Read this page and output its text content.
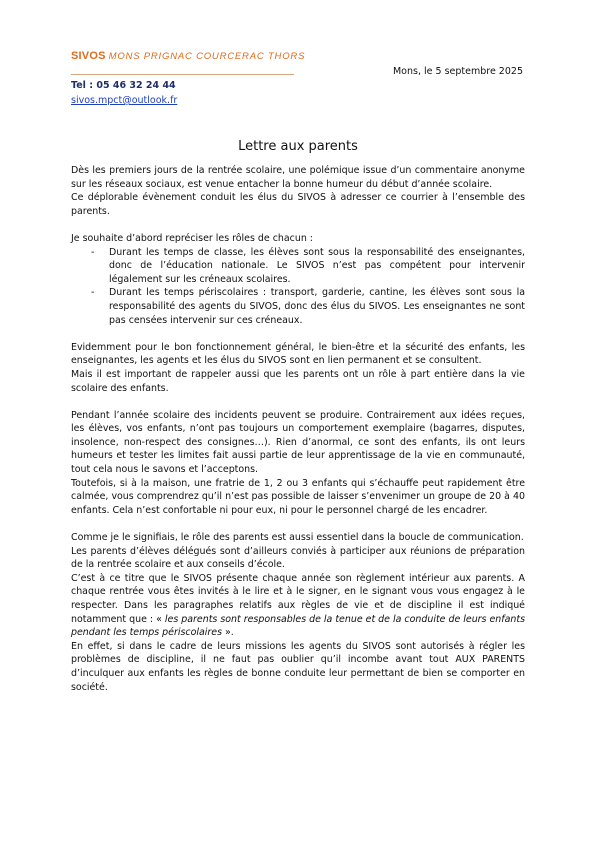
SIVOS MONS PRIGNAC COURCERAC THORS
Tel : 05 46 32 24 44
sivos.mpct@outlook.fr
Mons, le 5 septembre 2025
Lettre aux parents

Dès les premiers jours de la rentrée scolaire, une polémique issue d’un commentaire anonyme sur les réseaux sociaux, est venue entacher la bonne humeur du début d’année scolaire.

Ce déplorable évènement conduit les élus du SIVOS à adresser ce courrier à l’ensemble des parents.

Je souhaite d’abord repréciser les rôles de chacun :

- Durant les temps de classe, les élèves sont sous la responsabilité des enseignantes, donc de l’éducation nationale. Le SIVOS n’est pas compétent pour intervenir légalement sur les créneaux scolaires.
- Durant les temps périscolaires : transport, garderie, cantine, les élèves sont sous la responsabilité des agents du SIVOS, donc des élus du SIVOS. Les enseignantes ne sont pas censées intervenir sur ces créneaux.

Evidemment pour le bon fonctionnement général, le bien-être et la sécurité des enfants, les enseignantes, les agents et les élus du SIVOS sont en lien permanent et se consultent.

Mais il est important de rappeler aussi que les parents ont un rôle à part entière dans la vie scolaire des enfants.

Pendant l’année scolaire des incidents peuvent se produire. Contrairement aux idées reçues, les élèves, vos enfants, n’ont pas toujours un comportement exemplaire (bagarres, disputes, insolence, non-respect des consignes…). Rien d’anormal, ce sont des enfants, ils ont leurs humeurs et tester les limites fait aussi partie de leur apprentissage de la vie en communauté, tout cela nous le savons et l’acceptons.

Toutefois, si à la maison, une fratrie de 1, 2 ou 3 enfants qui s’échauffe peut rapidement être calmée, vous comprendrez qu’il n’est pas possible de laisser s’envenimer un groupe de 20 à 40 enfants. Cela n’est confortable ni pour eux, ni pour le personnel chargé de les encadrer.

Comme je le signifiais, le rôle des parents est aussi essentiel dans la boucle de communication.

Les parents d’élèves délégués sont d’ailleurs conviés à participer aux réunions de préparation de la rentrée scolaire et aux conseils d’école.

C’est à ce titre que le SIVOS présente chaque année son règlement intérieur aux parents. A chaque rentrée vous êtes invités à le lire et à le signer, en le signant vous vous engagez à le respecter. Dans les paragraphes relatifs aux règles de vie et de discipline il est indiqué notamment que : « les parents sont responsables de la tenue et de la conduite de leurs enfants pendant les temps périscolaires ».

En effet, si dans le cadre de leurs missions les agents du SIVOS sont autorisés à régler les problèmes de discipline, il ne faut pas oublier qu’il incombe avant tout AUX PARENTS d’inculquer aux enfants les règles de bonne conduite leur permettant de bien se comporter en société.
